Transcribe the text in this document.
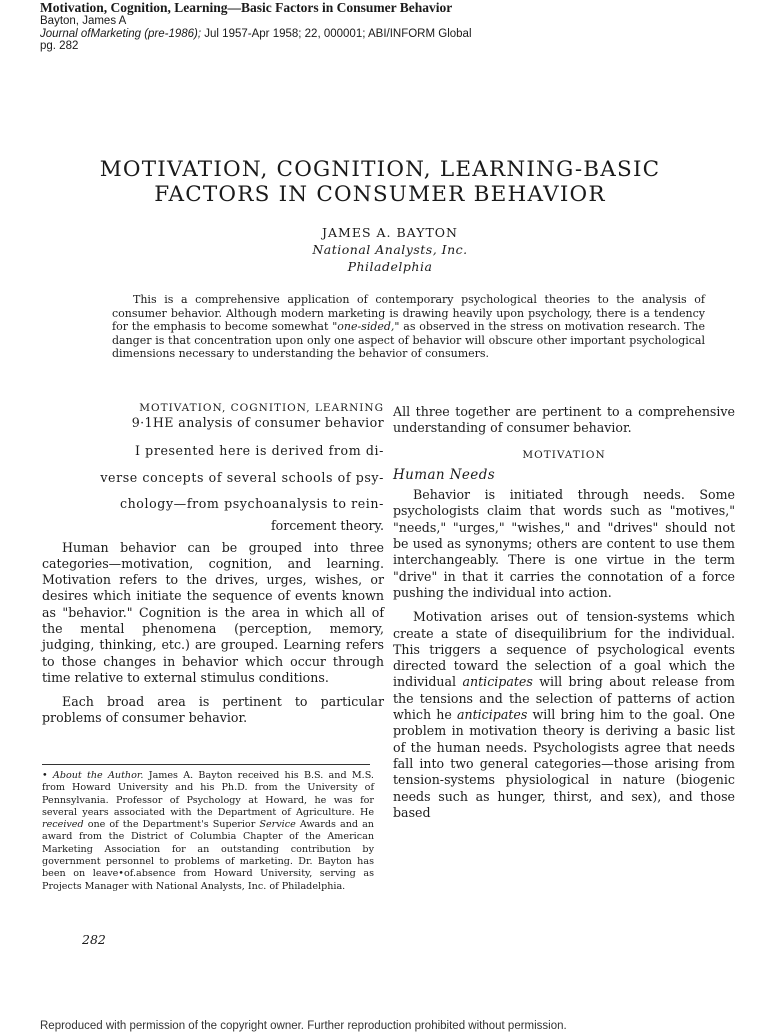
Motivation, Cognition, Learning—Basic Factors in Consumer Behavior
Bayton, James A
Journal ofMarketing (pre-1986); Jul 1957-Apr 1958; 22, 000001; ABI/INFORM Global
pg. 282
MOTIVATION, COGNITION, LEARNING-BASIC
FACTORS IN CONSUMER BEHAVIOR
JAMES A. BAYTON
National Analysts, Inc.
Philadelphia

This is a comprehensive application of contemporary psychological theories to the analysis of consumer behavior. Although modern marketing is drawing heavily upon psychology, there is a tendency for the emphasis to become somewhat "one-sided," as observed in the stress on motivation research. The danger is that concentration upon only one aspect of behavior will obscure other important psychological dimensions necessary to understanding the behavior of consumers.

MOTIVATION, COGNITION, LEARNING
9·1HE analysis of consumer behavior
I presented here is derived from di-
verse concepts of several schools of psy-
chology—from psychoanalysis to rein-
forcement theory.

Human behavior can be grouped into three categories—motivation, cognition, and learning. Motivation refers to the drives, urges, wishes, or desires which initiate the sequence of events known as "behavior." Cognition is the area in which all of the mental phenomena (perception, memory, judging, thinking, etc.) are grouped. Learning refers to those changes in behavior which occur through time relative to external stimulus conditions.

Each broad area is pertinent to particular problems of consumer behavior.

• About the Author. James A. Bayton received his B.S. and M.S. from Howard University and his Ph.D. from the University of Pennsylvania. Professor of Psychology at Howard, he was for several years associated with the Department of Agriculture. He received one of the Department's Superior Service Awards and an award from the District of Columbia Chapter of the American Marketing Association for an outstanding contribution by government personnel to problems of marketing. Dr. Bayton has been on leave•of.absence from Howard University, serving as Projects Manager with National Analysts, Inc. of Philadelphia.
282

All three together are pertinent to a comprehensive understanding of consumer behavior.

MOTIVATION
Human Needs

Behavior is initiated through needs. Some psychologists claim that words such as "motives," "needs," "urges," "wishes," and "drives" should not be used as synonyms; others are content to use them interchangeably. There is one virtue in the term "drive" in that it carries the connotation of a force pushing the individual into action.

Motivation arises out of tension-systems which create a state of disequilibrium for the individual. This triggers a sequence of psychological events directed toward the selection of a goal which the individual anticipates will bring about release from the tensions and the selection of patterns of action which he anticipates will bring him to the goal. One problem in motivation theory is deriving a basic list of the human needs. Psychologists agree that needs fall into two general categories—those arising from tension-systems physiological in nature (biogenic needs such as hunger, thirst, and sex), and those based

Reproduced with permission of the copyright owner. Further reproduction prohibited without permission.
